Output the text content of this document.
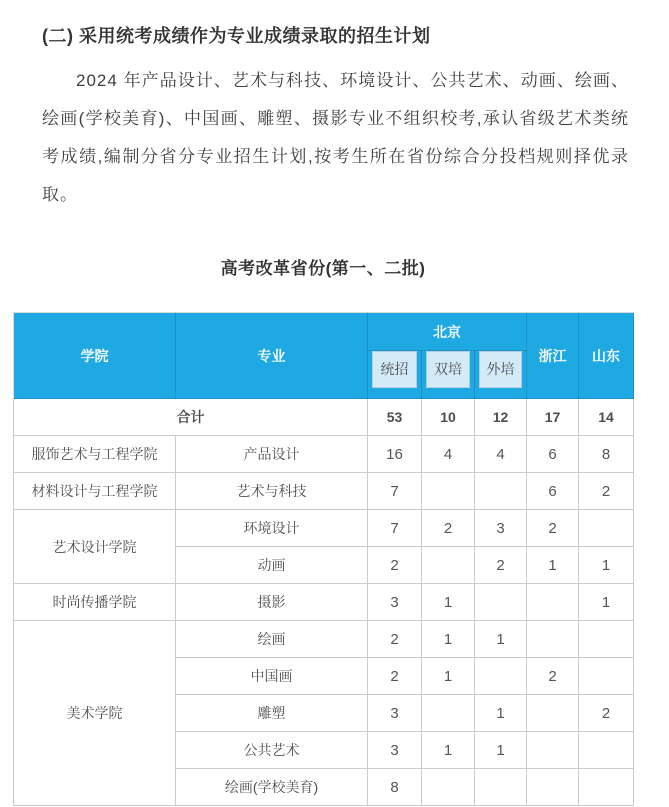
(二) 采用统考成绩作为专业成绩录取的招生计划

2024 年产品设计、艺术与科技、环境设计、公共艺术、动画、绘画、绘画(学校美育)、中国画、雕塑、摄影专业不组织校考,承认省级艺术类统考成绩,编制分省分专业招生计划,按考生所在省份综合分投档规则择优录取。

高考改革省份(第一、二批)
学院	专业	北京			浙江	山东

		统招	双培	外培		

合计		53	10	12	17	14
服饰艺术与工程学院	产品设计	16	4	4	6	8
材料设计与工程学院	艺术与科技	7			6	2
艺术设计学院	环境设计	7	2	3	2	
	动画	2		2	1	1
时尚传播学院	摄影	3	1			1
美术学院	绘画	2	1	1		
	中国画	2	1		2	
	雕塑	3		1		2
	公共艺术	3	1	1		
	绘画(学校美育)	8				
